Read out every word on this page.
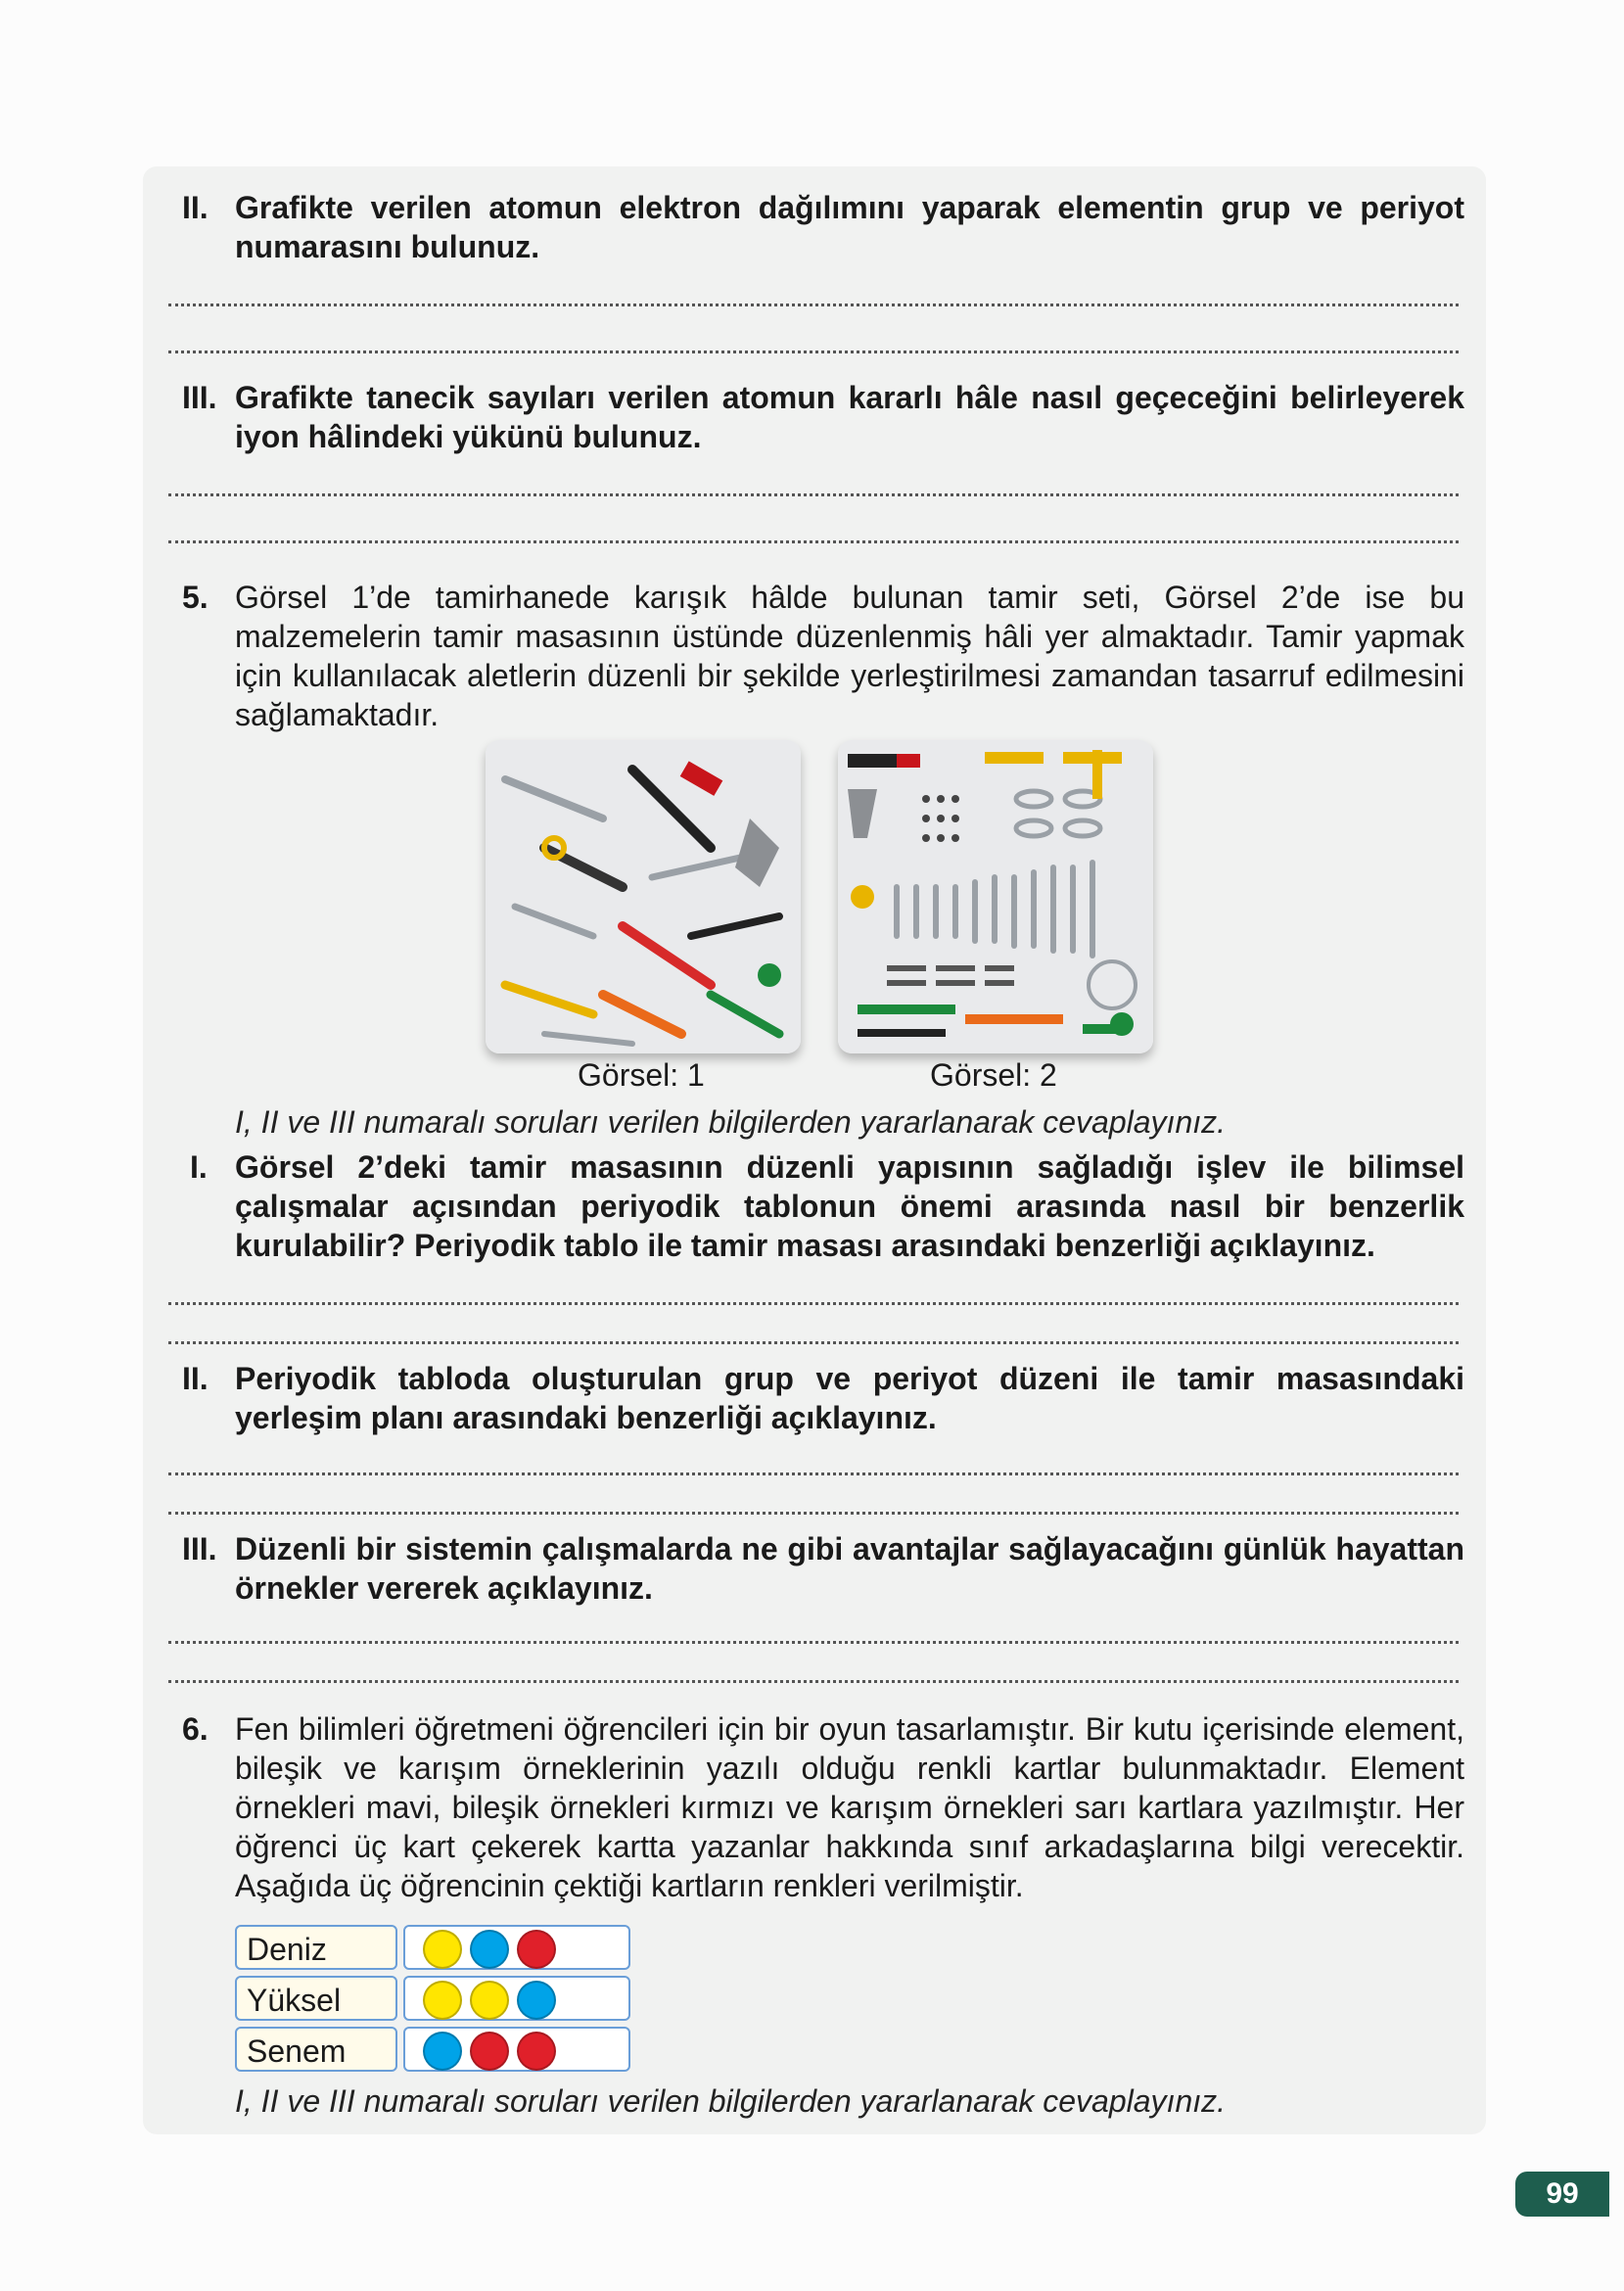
II. Grafikte verilen atomun elektron dağılımını yaparak elementin grup ve periyot numarasını bulunuz.
III. Grafikte tanecik sayıları verilen atomun kararlı hâle nasıl geçeceğini belirleyerek iyon hâlindeki yükünü bulunuz.
5. Görsel 1’de tamirhanede karışık hâlde bulunan tamir seti, Görsel 2’de ise bu malzemelerin tamir masasının üstünde düzenlenmiş hâli yer almaktadır. Tamir yapmak için kullanılacak aletlerin düzenli bir şekilde yerleştirilmesi zamandan tasarruf edilmesini sağlamaktadır.
Görsel: 1	Görsel: 2
I, II ve III numaralı soruları verilen bilgilerden yararlanarak cevaplayınız.
I. Görsel 2’deki tamir masasının düzenli yapısının sağladığı işlev ile bilimsel çalışmalar açısından periyodik tablonun önemi arasında nasıl bir benzerlik kurulabilir? Periyodik tablo ile tamir masası arasındaki benzerliği açıklayınız.
II. Periyodik tabloda oluşturulan grup ve periyot düzeni ile tamir masasındaki yerleşim planı arasındaki benzerliği açıklayınız.
III. Düzenli bir sistemin çalışmalarda ne gibi avantajlar sağlayacağını günlük hayattan örnekler vererek açıklayınız.
6. Fen bilimleri öğretmeni öğrencileri için bir oyun tasarlamıştır. Bir kutu içerisinde element, bileşik ve karışım örneklerinin yazılı olduğu renkli kartlar bulunmaktadır. Element örnekleri mavi, bileşik örnekleri kırmızı ve karışım örnekleri sarı kartlara yazılmıştır. Her öğrenci üç kart çekerek kartta yazanlar hakkında sınıf arkadaşlarına bilgi verecektir. Aşağıda üç öğrencinin çektiği kartların renkleri verilmiştir.
Deniz
Yüksel
Senem
I, II ve III numaralı soruları verilen bilgilerden yararlanarak cevaplayınız.
99
